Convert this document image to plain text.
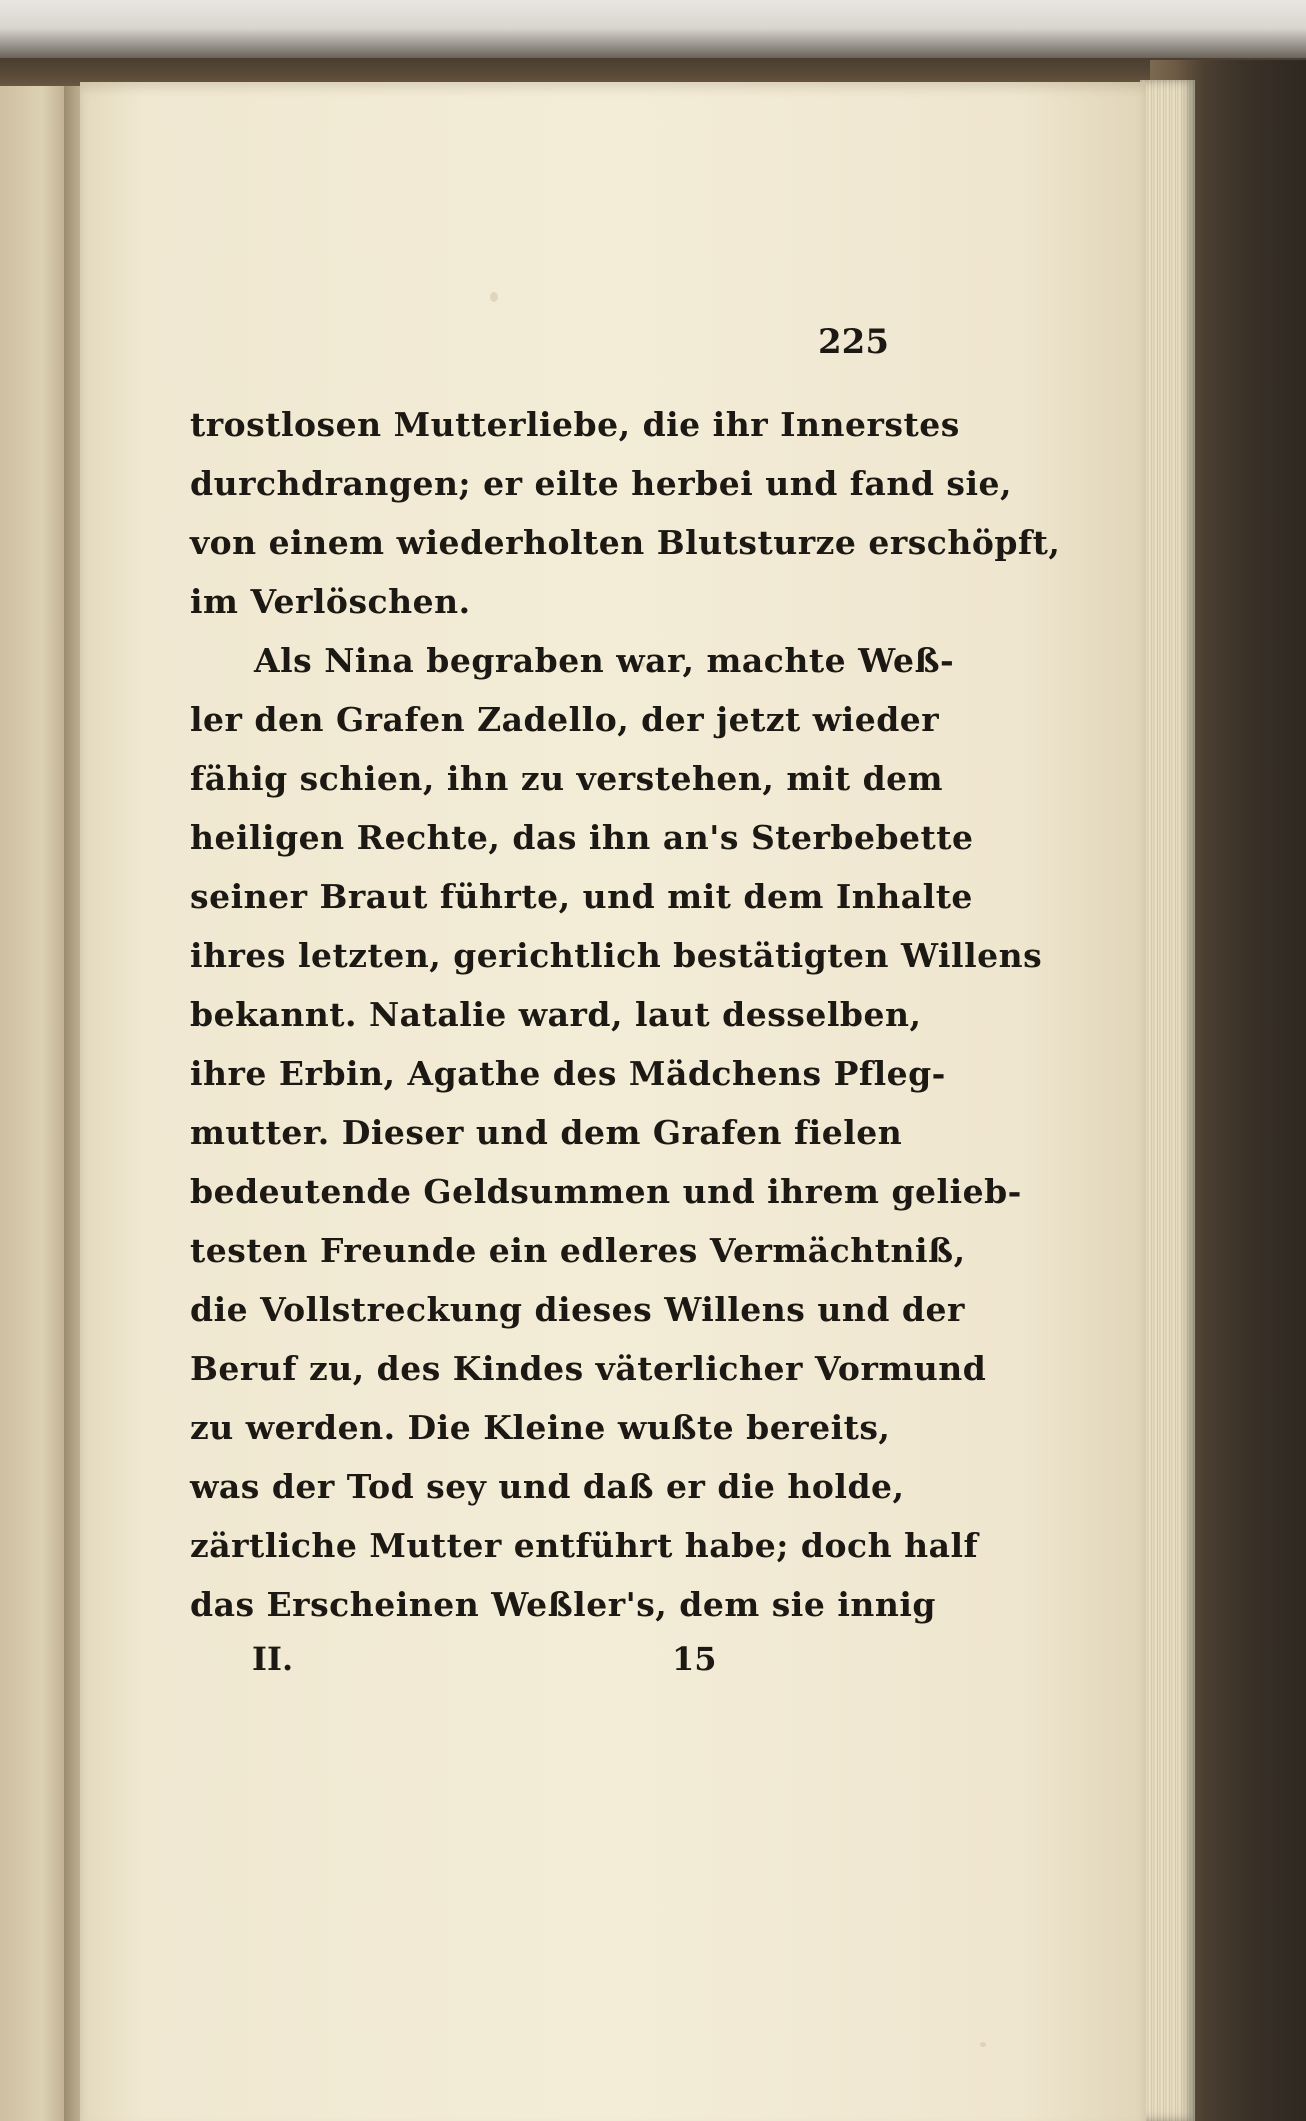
225
trostlosen Mutterliebe, die ihr Innerstes
durchdrangen; er eilte herbei und fand sie,
von einem wiederholten Blutsturze erschöpft,
im Verlöschen.
Als Nina begraben war, machte Weß-
ler den Grafen Zadello, der jetzt wieder
fähig schien, ihn zu verstehen, mit dem
heiligen Rechte, das ihn an's Sterbebette
seiner Braut führte, und mit dem Inhalte
ihres letzten, gerichtlich bestätigten Willens
bekannt. Natalie ward, laut desselben,
ihre Erbin, Agathe des Mädchens Pfleg-
mutter. Dieser und dem Grafen fielen
bedeutende Geldsummen und ihrem gelieb-
testen Freunde ein edleres Vermächtniß,
die Vollstreckung dieses Willens und der
Beruf zu, des Kindes väterlicher Vormund
zu werden. Die Kleine wußte bereits,
was der Tod sey und daß er die holde,
zärtliche Mutter entführt habe; doch half
das Erscheinen Weßler's, dem sie innig
II.	15
